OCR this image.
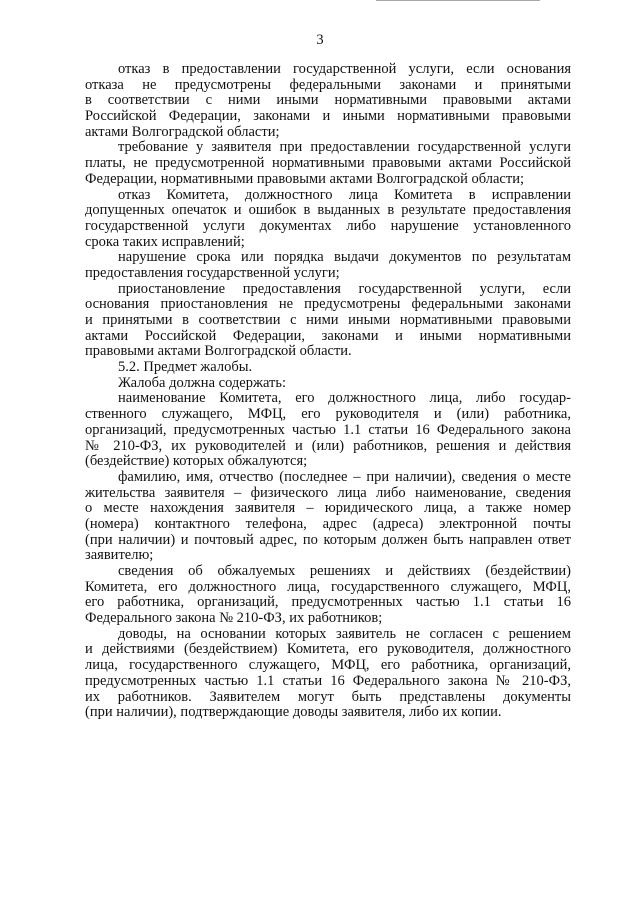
3
отказ в предоставлении государственной услуги, если основания
отказа не предусмотрены федеральными законами и принятыми
в соответствии с ними иными нормативными правовыми актами
Российской Федерации, законами и иными нормативными правовыми
актами Волгоградской области;
требование у заявителя при предоставлении государственной услуги
платы, не предусмотренной нормативными правовыми актами Российской
Федерации, нормативными правовыми актами Волгоградской области;
отказ Комитета, должностного лица Комитета в исправлении
допущенных опечаток и ошибок в выданных в результате предоставления
государственной услуги документах либо нарушение установленного
срока таких исправлений;
нарушение срока или порядка выдачи документов по результатам
предоставления государственной услуги;
приостановление предоставления государственной услуги, если
основания приостановления не предусмотрены федеральными законами
и принятыми в соответствии с ними иными нормативными правовыми
актами Российской Федерации, законами и иными нормативными
правовыми актами Волгоградской области.
5.2. Предмет жалобы.
Жалоба должна содержать:
наименование Комитета, его должностного лица, либо государ-
ственного служащего, МФЦ, его руководителя и (или) работника,
организаций, предусмотренных частью 1.1 статьи 16 Федерального закона
№ 210-ФЗ, их руководителей и (или) работников, решения и действия
(бездействие) которых обжалуются;
фамилию, имя, отчество (последнее – при наличии), сведения о месте
жительства заявителя – физического лица либо наименование, сведения
о месте нахождения заявителя – юридического лица, а также номер
(номера) контактного телефона, адрес (адреса) электронной почты
(при наличии) и почтовый адрес, по которым должен быть направлен ответ
заявителю;
сведения об обжалуемых решениях и действиях (бездействии)
Комитета, его должностного лица, государственного служащего, МФЦ,
его работника, организаций, предусмотренных частью 1.1 статьи 16
Федерального закона № 210-ФЗ, их работников;
доводы, на основании которых заявитель не согласен с решением
и действиями (бездействием) Комитета, его руководителя, должностного
лица, государственного служащего, МФЦ, его работника, организаций,
предусмотренных частью 1.1 статьи 16 Федерального закона № 210-ФЗ,
их работников. Заявителем могут быть представлены документы
(при наличии), подтверждающие доводы заявителя, либо их копии.
